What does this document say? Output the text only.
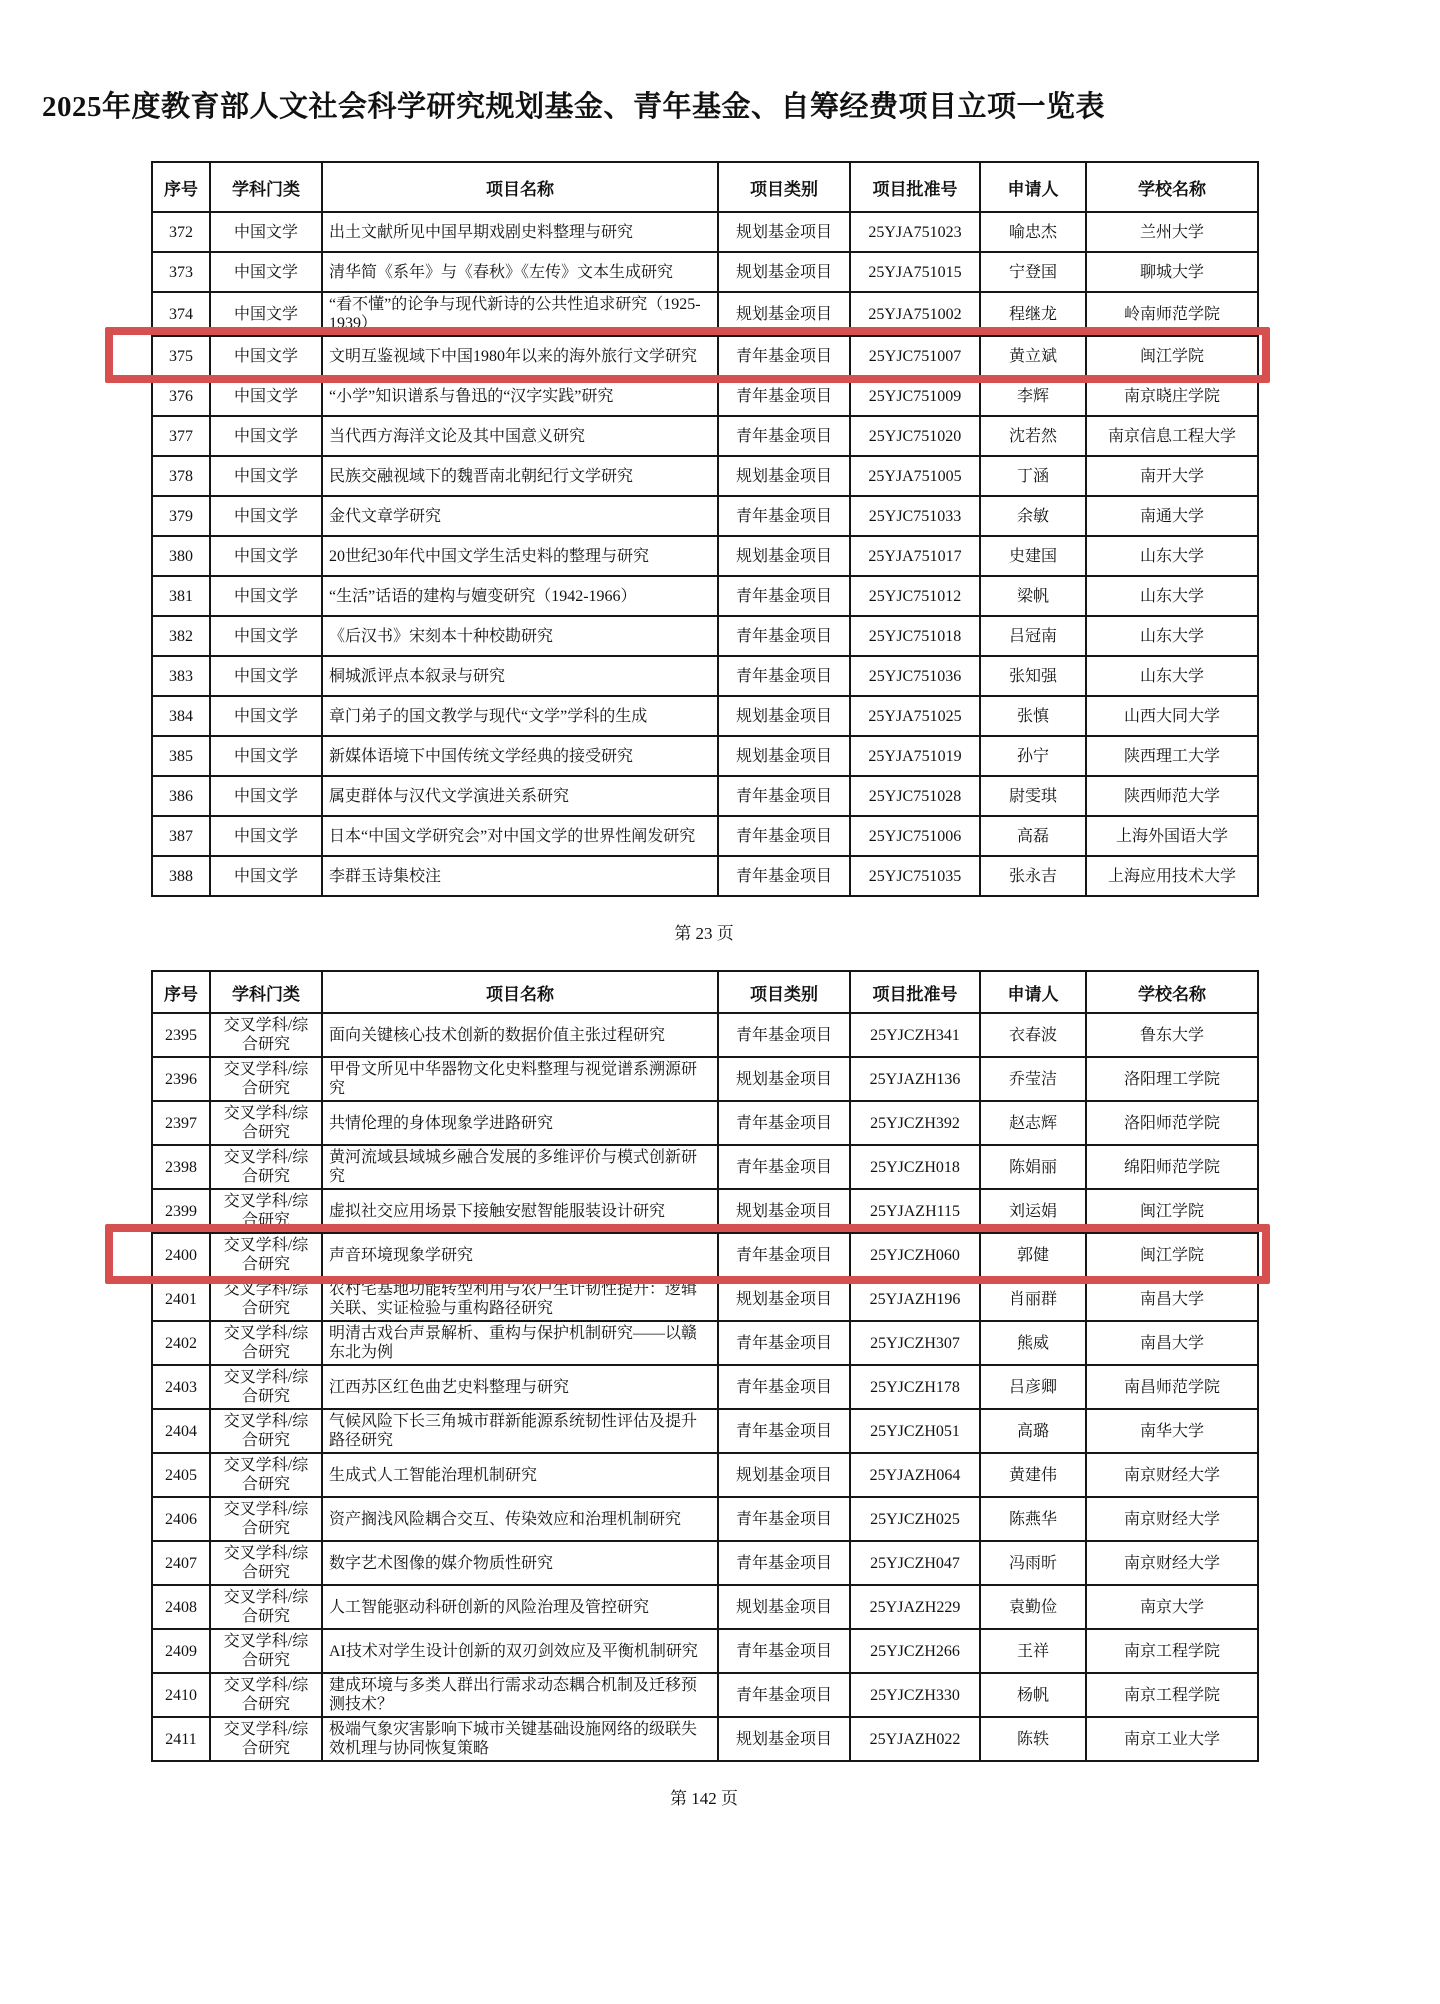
2025年度教育部人文社会科学研究规划基金、青年基金、自筹经费项目立项一览表
序号	学科门类	项目名称	项目类别	项目批准号	申请人	学校名称
372	中国文学	出土文献所见中国早期戏剧史料整理与研究	规划基金项目	25YJA751023	喻忠杰	兰州大学
373	中国文学	清华简《系年》与《春秋》《左传》文本生成研究	规划基金项目	25YJA751015	宁登国	聊城大学
374	中国文学	“看不懂”的论争与现代新诗的公共性追求研究（1925-1939）	规划基金项目	25YJA751002	程继龙	岭南师范学院
375	中国文学	文明互鉴视域下中国1980年以来的海外旅行文学研究	青年基金项目	25YJC751007	黄立斌	闽江学院
376	中国文学	“小学”知识谱系与鲁迅的“汉字实践”研究	青年基金项目	25YJC751009	李辉	南京晓庄学院
377	中国文学	当代西方海洋文论及其中国意义研究	青年基金项目	25YJC751020	沈若然	南京信息工程大学
378	中国文学	民族交融视域下的魏晋南北朝纪行文学研究	规划基金项目	25YJA751005	丁涵	南开大学
379	中国文学	金代文章学研究	青年基金项目	25YJC751033	余敏	南通大学
380	中国文学	20世纪30年代中国文学生活史料的整理与研究	规划基金项目	25YJA751017	史建国	山东大学
381	中国文学	“生活”话语的建构与嬗变研究（1942-1966）	青年基金项目	25YJC751012	梁帆	山东大学
382	中国文学	《后汉书》宋刻本十种校勘研究	青年基金项目	25YJC751018	吕冠南	山东大学
383	中国文学	桐城派评点本叙录与研究	青年基金项目	25YJC751036	张知强	山东大学
384	中国文学	章门弟子的国文教学与现代“文学”学科的生成	规划基金项目	25YJA751025	张慎	山西大同大学
385	中国文学	新媒体语境下中国传统文学经典的接受研究	规划基金项目	25YJA751019	孙宁	陕西理工大学
386	中国文学	属吏群体与汉代文学演进关系研究	青年基金项目	25YJC751028	尉雯琪	陕西师范大学
387	中国文学	日本“中国文学研究会”对中国文学的世界性阐发研究	青年基金项目	25YJC751006	高磊	上海外国语大学
388	中国文学	李群玉诗集校注	青年基金项目	25YJC751035	张永吉	上海应用技术大学
第 23 页
序号	学科门类	项目名称	项目类别	项目批准号	申请人	学校名称
2395	交叉学科/综合研究	面向关键核心技术创新的数据价值主张过程研究	青年基金项目	25YJCZH341	衣春波	鲁东大学
2396	交叉学科/综合研究	甲骨文所见中华器物文化史料整理与视觉谱系溯源研究	规划基金项目	25YJAZH136	乔莹洁	洛阳理工学院
2397	交叉学科/综合研究	共情伦理的身体现象学进路研究	青年基金项目	25YJCZH392	赵志辉	洛阳师范学院
2398	交叉学科/综合研究	黄河流域县域城乡融合发展的多维评价与模式创新研究	青年基金项目	25YJCZH018	陈娟丽	绵阳师范学院
2399	交叉学科/综合研究	虚拟社交应用场景下接触安慰智能服装设计研究	规划基金项目	25YJAZH115	刘运娟	闽江学院
2400	交叉学科/综合研究	声音环境现象学研究	青年基金项目	25YJCZH060	郭健	闽江学院
2401	交叉学科/综合研究	农村宅基地功能转型利用与农户生计韧性提升：逻辑关联、实证检验与重构路径研究	规划基金项目	25YJAZH196	肖丽群	南昌大学
2402	交叉学科/综合研究	明清古戏台声景解析、重构与保护机制研究——以赣东北为例	青年基金项目	25YJCZH307	熊威	南昌大学
2403	交叉学科/综合研究	江西苏区红色曲艺史料整理与研究	青年基金项目	25YJCZH178	吕彦卿	南昌师范学院
2404	交叉学科/综合研究	气候风险下长三角城市群新能源系统韧性评估及提升路径研究	青年基金项目	25YJCZH051	高璐	南华大学
2405	交叉学科/综合研究	生成式人工智能治理机制研究	规划基金项目	25YJAZH064	黄建伟	南京财经大学
2406	交叉学科/综合研究	资产搁浅风险耦合交互、传染效应和治理机制研究	青年基金项目	25YJCZH025	陈燕华	南京财经大学
2407	交叉学科/综合研究	数字艺术图像的媒介物质性研究	青年基金项目	25YJCZH047	冯雨昕	南京财经大学
2408	交叉学科/综合研究	人工智能驱动科研创新的风险治理及管控研究	规划基金项目	25YJAZH229	袁勤俭	南京大学
2409	交叉学科/综合研究	AI技术对学生设计创新的双刃剑效应及平衡机制研究	青年基金项目	25YJCZH266	王祥	南京工程学院
2410	交叉学科/综合研究	建成环境与多类人群出行需求动态耦合机制及迁移预测技术？	青年基金项目	25YJCZH330	杨帆	南京工程学院
2411	交叉学科/综合研究	极端气象灾害影响下城市关键基础设施网络的级联失效机理与协同恢复策略	规划基金项目	25YJAZH022	陈轶	南京工业大学
第 142 页
